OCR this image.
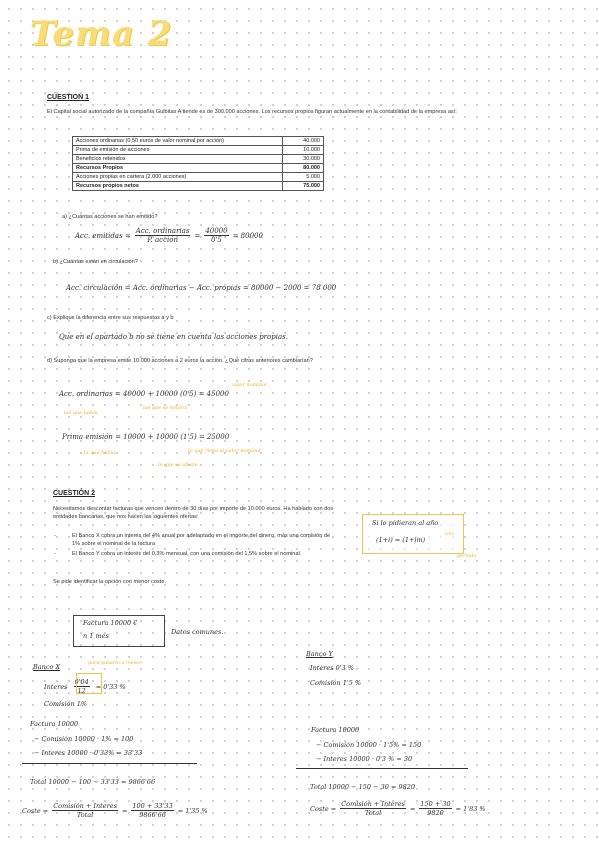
Tema 2
CÚESTION 1
El Capital social autorizado de la compañía Gulbitas A tiende es de 300.000 acciones. Los recursos propios figuran actualmente en la contabilidad de la empresa así:
Acciones ordinarias (0,50 euros de valor nominal por acción)	40.000
Prima de emisión de acciones	10.000
Beneficios retenidos	30.000
Recursos Propios	80.000
Acciones propias en cartera (2.000 acciones)	5.000
Recursos propios netos	75.000
a) ¿Cuántas acciones se han emitido?
Acc. emitidas = $\frac{\text{Acc. ordinarias}}{\text{P. acción}} = \frac{40000}{0'5} = 80000$
b) ¿Cuántas están en circulación?
Acc. circulación = Acc. ordinarias − Acc. propias = 80000 − 2000 = 78 000
c) Explique la diferencia entre sus respuestas a y b
Que en el apartado b no se tiene en cuenta las acciones propias.
d) Suponga que la empresa emite 10.000 acciones a 2 euros la acción. ¿Qué cifras anteriores cambiarían?
valor nominal
Acc. ordinarias = 40000 + 10000 (0'5) = 45000
las que había
las que se emiten
Prima emisión = 10000 + 10000 (1'5) = 25000
la que había	lo que resta al valor nominal
lo que se añade
CUESTIÓN 2
Necesitamos descontar facturas que vencen dentro de 30 días por importe de 10.000 euros. Ha hablado con dos entidades bancarias, que nos hacen las siguientes ofertas:
- El Banco X cobra un interés del 4% anual por adelantado en el importe del dinero, más una comisión de 1% sobre el nominal de la factura
- El Banco Y cobra un interés del 0,3% mensual, con una comisión del 1,5% sobre el nominal.
Se pide identificar la opción con menor coste.
Si lo pidieran al año
(1+i) = (1+im)
(m)
periodo
Factura 10000 €
n 1 mes	Datos comunes.
Banco X	para pasarlo a meses
Interes $\frac{0'04}{12} = 0'33$ %
Comisión 1%
Factura 10000
− Comisión 10000 · 1% = 100
− Interes 10000 · 0'33% = 33'33
Total 10000 − 100 − 33'33 = 9866'66
Coste = $\frac{\text{Comisión + Interes}}{\text{Total}} = \frac{100 + 33'33}{9866'66} = 1'35$ %
Banco Y
Interes 0'3 %
Comisión 1'5 %
Factura 10000
− Comisión 10000 · 1'5% = 150
− Interes 10000 · 0'3 % = 30
Total 10000 − 150 − 30 = 9820
Coste = $\frac{\text{Comisión + Interes}}{\text{Total}} = \frac{150 + 30}{9820} = 1'83$ %
